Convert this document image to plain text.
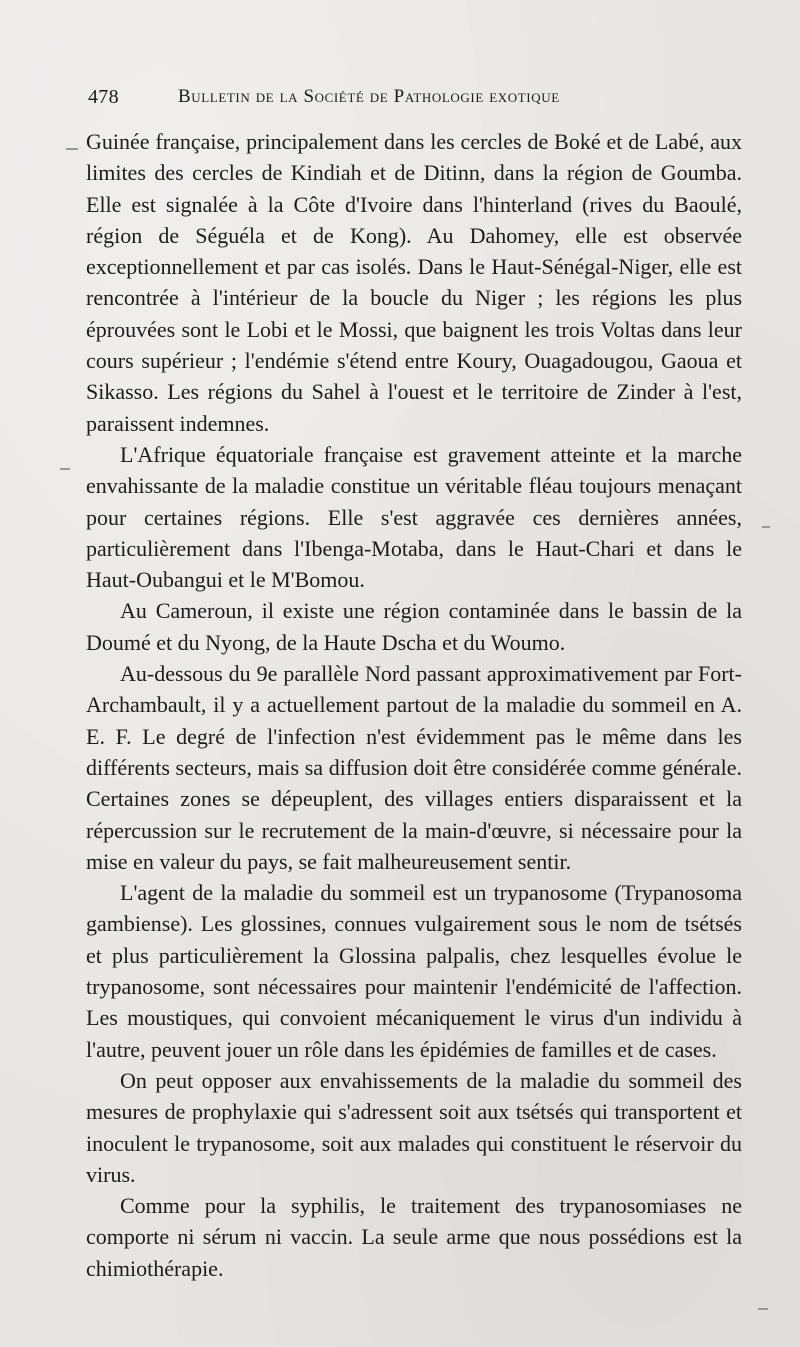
478	Bulletin de la Société de Pathologie exotique

Guinée française, principalement dans les cercles de Boké et de Labé, aux limites des cercles de Kindiah et de Ditinn, dans la région de Goumba. Elle est signalée à la Côte d'Ivoire dans l'hinterland (rives du Baoulé, région de Séguéla et de Kong). Au Dahomey, elle est observée exceptionnellement et par cas isolés. Dans le Haut-Sénégal-Niger, elle est rencontrée à l'intérieur de la boucle du Niger ; les régions les plus éprouvées sont le Lobi et le Mossi, que baignent les trois Voltas dans leur cours supérieur ; l'endémie s'étend entre Koury, Ouagadougou, Gaoua et Sikasso. Les régions du Sahel à l'ouest et le territoire de Zinder à l'est, paraissent indemnes.

L'Afrique équatoriale française est gravement atteinte et la marche envahissante de la maladie constitue un véritable fléau toujours menaçant pour certaines régions. Elle s'est aggravée ces dernières années, particulièrement dans l'Ibenga-Motaba, dans le Haut-Chari et dans le Haut-Oubangui et le M'Bomou.

Au Cameroun, il existe une région contaminée dans le bassin de la Doumé et du Nyong, de la Haute Dscha et du Woumo.

Au-dessous du 9e parallèle Nord passant approximativement par Fort-Archambault, il y a actuellement partout de la maladie du sommeil en A. E. F. Le degré de l'infection n'est évidemment pas le même dans les différents secteurs, mais sa diffusion doit être considérée comme générale. Certaines zones se dépeuplent, des villages entiers disparaissent et la répercussion sur le recrutement de la main-d'œuvre, si nécessaire pour la mise en valeur du pays, se fait malheureusement sentir.

L'agent de la maladie du sommeil est un trypanosome (Trypanosoma gambiense). Les glossines, connues vulgairement sous le nom de tsétsés et plus particulièrement la Glossina palpalis, chez lesquelles évolue le trypanosome, sont nécessaires pour maintenir l'endémicité de l'affection. Les moustiques, qui convoient mécaniquement le virus d'un individu à l'autre, peuvent jouer un rôle dans les épidémies de familles et de cases.

On peut opposer aux envahissements de la maladie du sommeil des mesures de prophylaxie qui s'adressent soit aux tsétsés qui transportent et inoculent le trypanosome, soit aux malades qui constituent le réservoir du virus.

Comme pour la syphilis, le traitement des trypanosomiases ne comporte ni sérum ni vaccin. La seule arme que nous possédions est la chimiothérapie.
